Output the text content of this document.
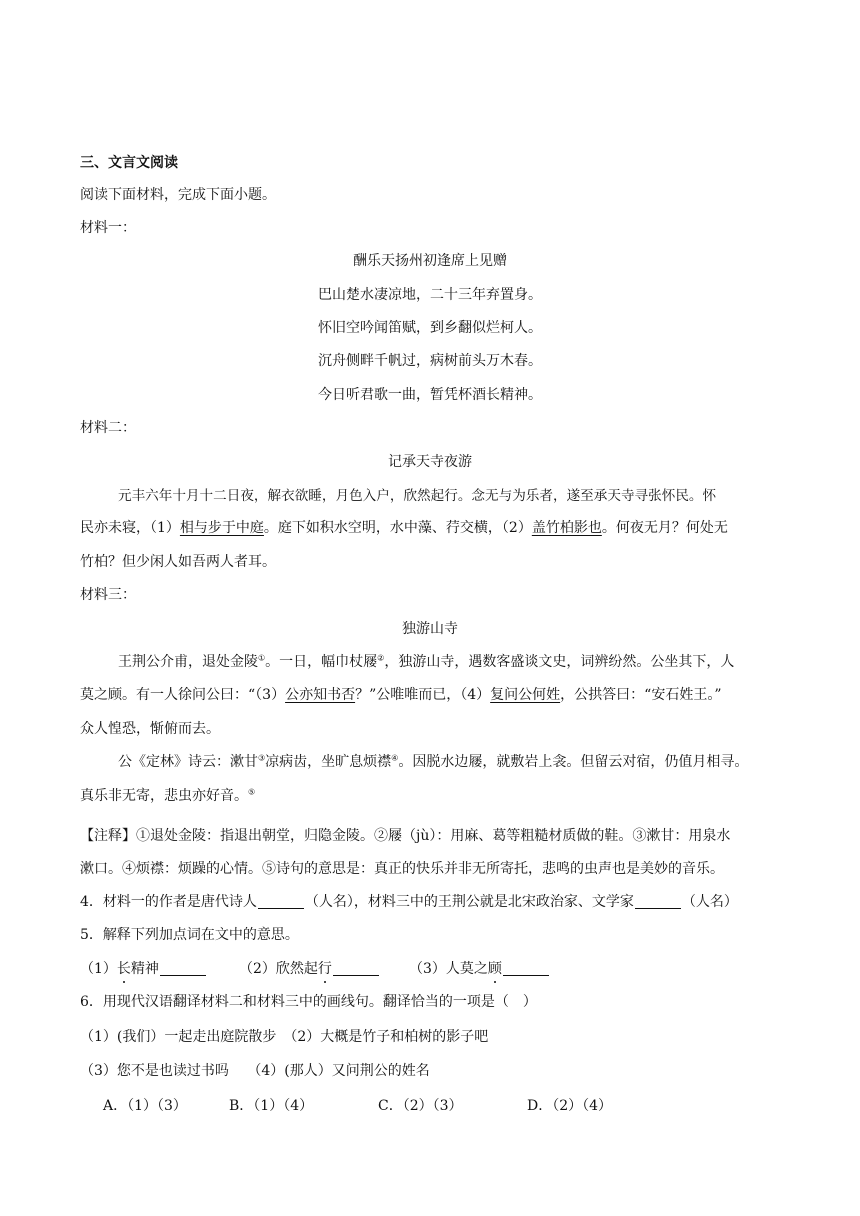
三、文言文阅读
阅读下面材料，完成下面小题。
材料一：
酬乐天扬州初逢席上见赠
巴山楚水凄凉地，二十三年弃置身。
怀旧空吟闻笛赋，到乡翻似烂柯人。
沉舟侧畔千帆过，病树前头万木春。
今日听君歌一曲，暂凭杯酒长精神。
材料二：
记承天寺夜游
元丰六年十月十二日夜，解衣欲睡，月色入户，欣然起行。念无与为乐者，遂至承天寺寻张怀民。怀
民亦未寝，（1）相与步于中庭。庭下如积水空明，水中藻、荇交横，（2）盖竹柏影也。何夜无月？何处无
竹柏？但少闲人如吾两人者耳。
材料三：
独游山寺
王荆公介甫，退处金陵①。一日，幅巾杖屦②，独游山寺，遇数客盛谈文史，词辨纷然。公坐其下，人
莫之顾。有一人徐问公曰：“（3）公亦知书否？”公唯唯而已，（4）复问公何姓，公拱答曰：“安石姓王。”
众人惶恐，惭俯而去。
公《定林》诗云：漱甘③凉病齿，坐旷息烦襟④。因脱水边屦，就敷岩上衾。但留云对宿，仍值月相寻。
真乐非无寄，悲虫亦好音。⑤
【注释】①退处金陵：指退出朝堂，归隐金陵。②屦（jù）：用麻、葛等粗糙材质做的鞋。③漱甘：用泉水
漱口。④烦襟：烦躁的心情。⑤诗句的意思是：真正的快乐并非无所寄托，悲鸣的虫声也是美妙的音乐。
4．材料一的作者是唐代诗人	（人名），材料三中的王荆公就是北宋政治家、文学家	（人名）
5．解释下列加点词在文中的意思。
（1）长精神	（2）欣然起行	（3）人莫之顾
6．用现代汉语翻译材料二和材料三中的画线句。翻译恰当的一项是（　）
（1）(我们）一起走出庭院散步　（2）大概是竹子和柏树的影子吧
（3）您不是也读过书吗　 （4）(那人）又问荆公的姓名
A．（1）（3）	B．（1）（4）	C．（2）（3）	D．（2）（4）
